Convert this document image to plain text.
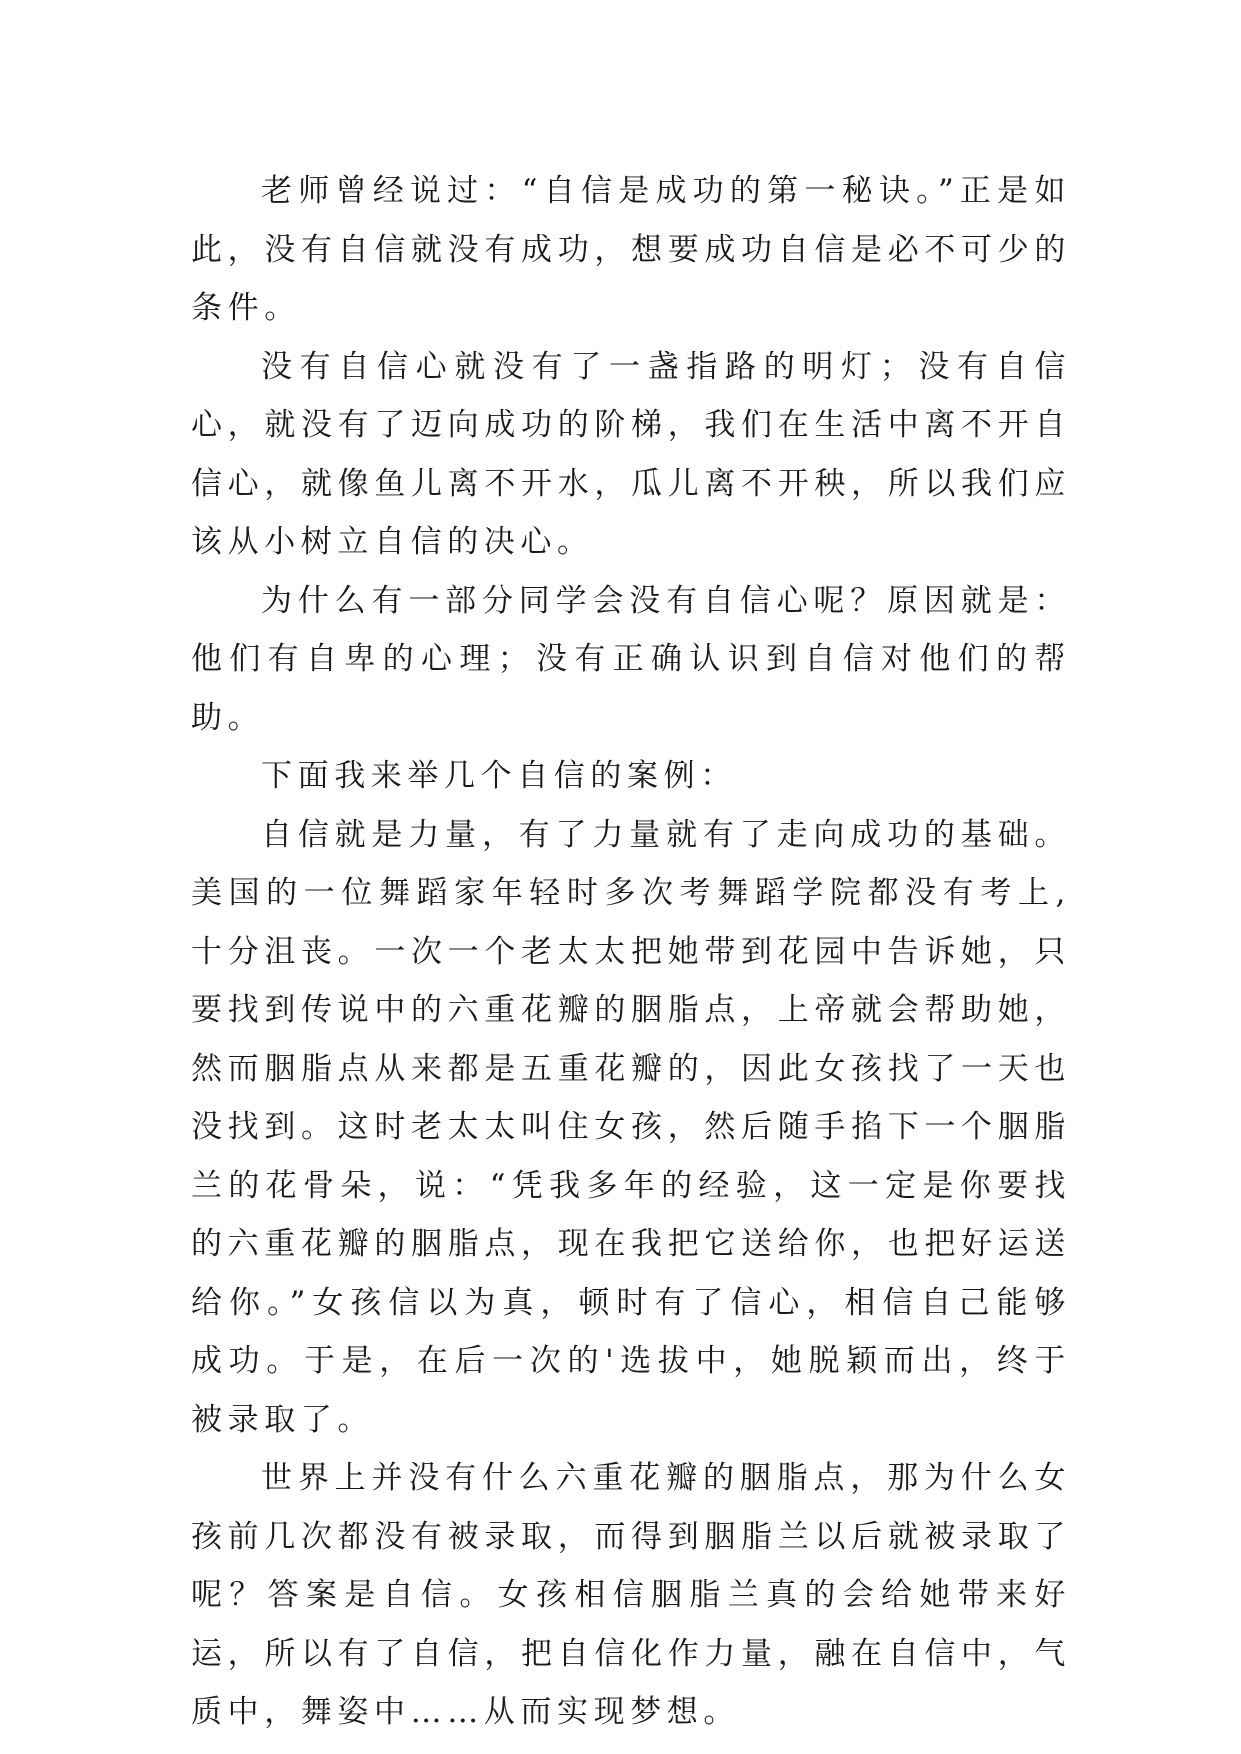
老师曾经说过：“自信是成功的第一秘诀。”正是如此，没有自信就没有成功，想要成功自信是必不可少的条件。

没有自信心就没有了一盏指路的明灯；没有自信心，就没有了迈向成功的阶梯，我们在生活中离不开自信心，就像鱼儿离不开水，瓜儿离不开秧，所以我们应该从小树立自信的决心。

为什么有一部分同学会没有自信心呢？原因就是：他们有自卑的心理；没有正确认识到自信对他们的帮助。

下面我来举几个自信的案例：

自信就是力量，有了力量就有了走向成功的基础。美国的一位舞蹈家年轻时多次考舞蹈学院都没有考上,十分沮丧。一次一个老太太把她带到花园中告诉她，只要找到传说中的六重花瓣的胭脂点，上帝就会帮助她，然而胭脂点从来都是五重花瓣的，因此女孩找了一天也没找到。这时老太太叫住女孩，然后随手掐下一个胭脂兰的花骨朵，说：“凭我多年的经验，这一定是你要找的六重花瓣的胭脂点，现在我把它送给你，也把好运送给你。”女孩信以为真，顿时有了信心，相信自己能够成功。于是，在后一次的'选拔中，她脱颖而出，终于被录取了。

世界上并没有什么六重花瓣的胭脂点，那为什么女孩前几次都没有被录取，而得到胭脂兰以后就被录取了呢？答案是自信。女孩相信胭脂兰真的会给她带来好运，所以有了自信，把自信化作力量，融在自信中，气质中，舞姿中……从而实现梦想。
